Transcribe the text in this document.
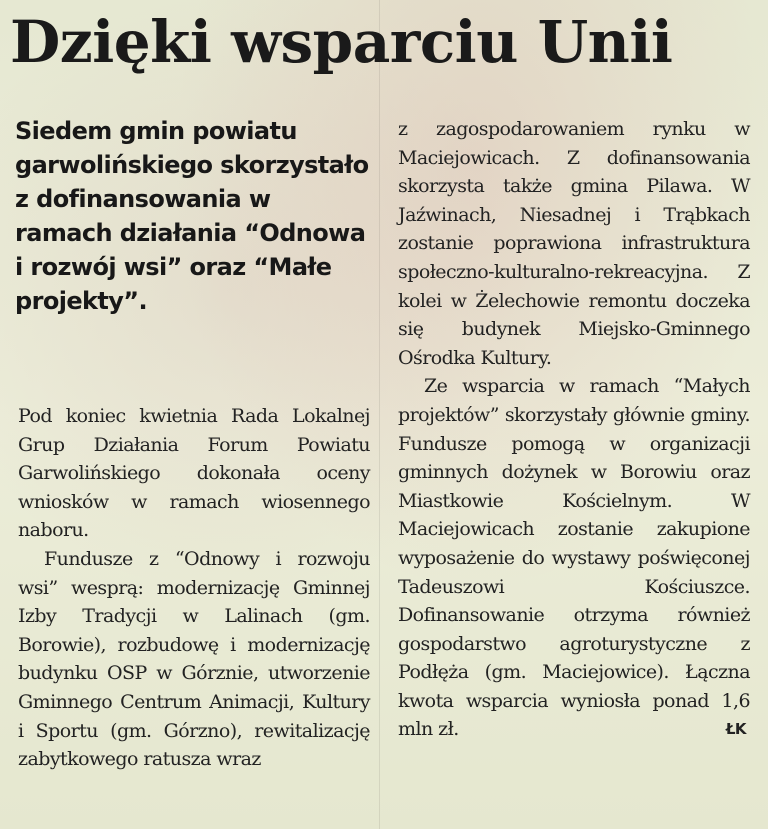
Dzięki wsparciu Unii

Siedem gmin powiatu garwolińskiego skorzystało z dofinansowania w ramach działania “Odnowa i rozwój wsi” oraz “Małe projekty”.

Pod koniec kwietnia Rada Lokalnej Grup Działania Forum Powiatu Garwolińskiego dokonała oceny wniosków w ramach wiosennego naboru.

Fundusze z “Odnowy i rozwoju wsi” wesprą: modernizację Gminnej Izby Tradycji w Lalinach (gm. Borowie), rozbudowę i modernizację budynku OSP w Górznie, utworzenie Gminnego Centrum Animacji, Kultury i Sportu (gm. Górzno), rewitalizację zabytkowego ratusza wraz

z zagospodarowaniem rynku w Maciejowicach. Z dofinansowania skorzysta także gmina Pilawa. W Jaźwinach, Niesadnej i Trąbkach zostanie poprawiona infrastruktura społeczno-kulturalno-rekreacyjna. Z kolei w Żelechowie remontu doczeka się budynek Miejsko-Gminnego Ośrodka Kultury.

Ze wsparcia w ramach “Małych projektów” skorzystały głównie gminy. Fundusze pomogą w organizacji gminnych dożynek w Borowiu oraz Miastkowie Kościelnym. W Maciejowicach zostanie zakupione wyposażenie do wystawy poświęconej Tadeuszowi Kościuszce. Dofinansowanie otrzyma również gospodarstwo agroturystyczne z Podłęża (gm. Maciejowice). Łączna kwota wsparcia wyniosła ponad 1,6 mln zł.	ŁK
